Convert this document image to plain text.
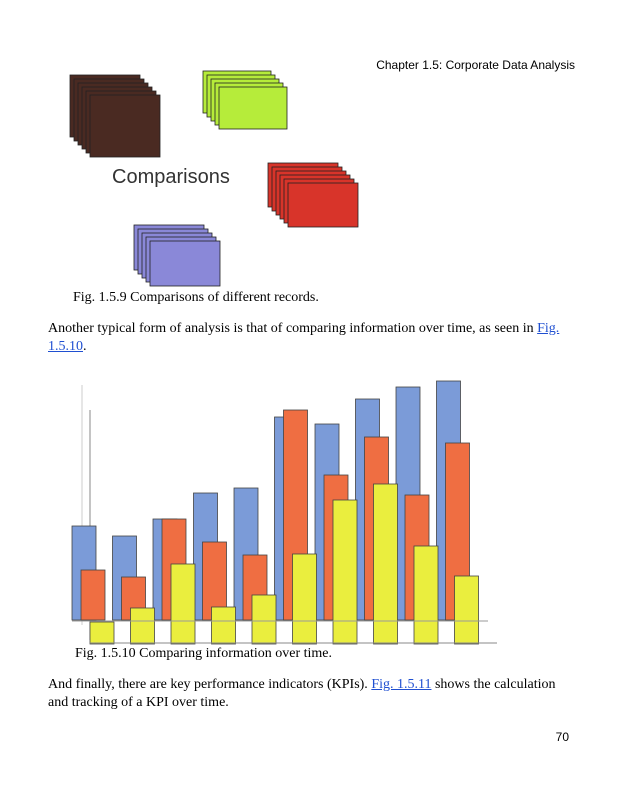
Chapter 1.5: Corporate Data Analysis
Comparisons
Fig. 1.5.9 Comparisons of different records.
Another typical form of analysis is that of comparing information over time, as seen in Fig. 1.5.10.
Fig. 1.5.10 Comparing information over time.
And finally, there are key performance indicators (KPIs). Fig. 1.5.11 shows the calculation and tracking of a KPI over time.
70
